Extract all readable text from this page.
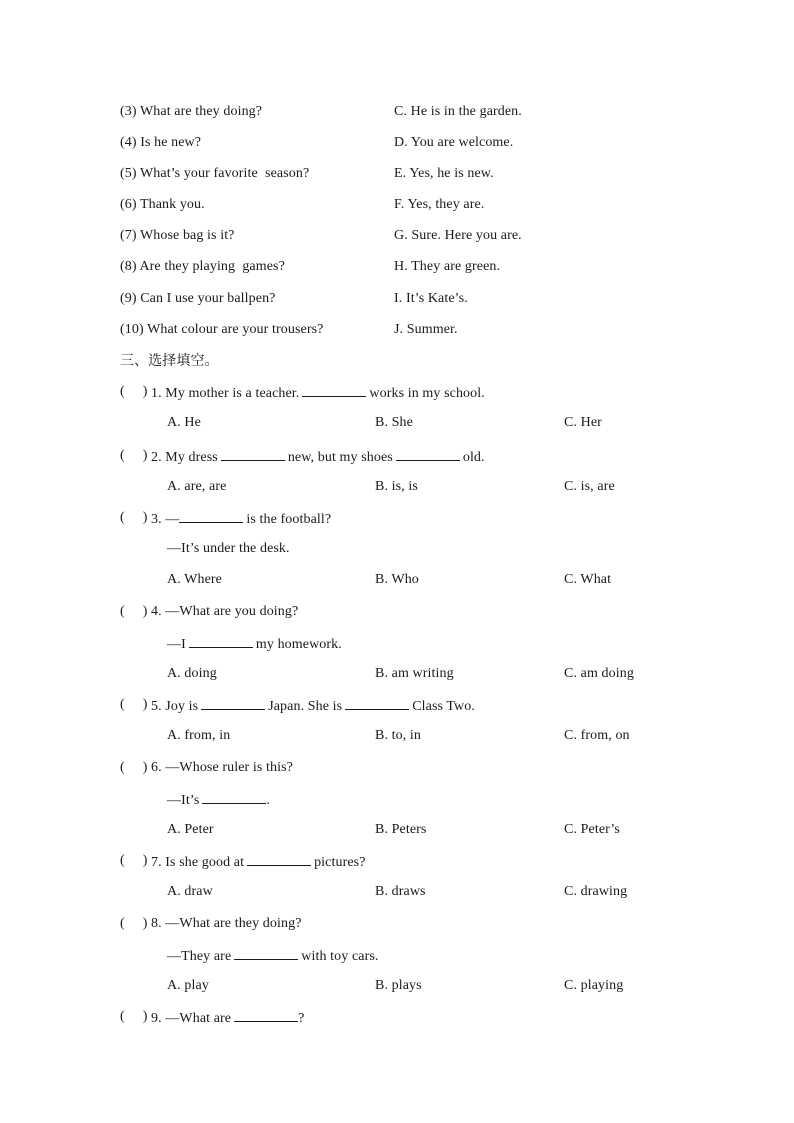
(3) What are they doing?	C. He is in the garden.
(4) Is he new?	D. You are welcome.
(5) What’s your favorite  season?	E. Yes, he is new.
(6) Thank you.	F. Yes, they are.
(7) Whose bag is it?	G. Sure. Here you are.
(8) Are they playing  games?	H. They are green.
(9) Can I use your ballpen?	I. It’s Kate’s.
(10) What colour are your trousers?	J. Summer.
三、选择填空。
(     ) 1. My mother is a teacher.	works in my school.
A. He	B. She	C. Her
(     ) 2. My dress	new, but my shoes	old.
A. are, are	B. is, is	C. is, are
(     ) 3. —	is the football?
—It’s under the desk.
A. Where	B. Who	C. What
(     ) 4. —What are you doing?
—I	my homework.
A. doing	B. am writing	C. am doing
(     ) 5. Joy is	Japan. She is	Class Two.
A. from, in	B. to, in	C. from, on
(     ) 6. —Whose ruler is this?
—It’s	.
A. Peter	B. Peters	C. Peter’s
(     ) 7. Is she good at	pictures?
A. draw	B. draws	C. drawing
(     ) 8. —What are they doing?
—They are	with toy cars.
A. play	B. plays	C. playing
(     ) 9. —What are	?
